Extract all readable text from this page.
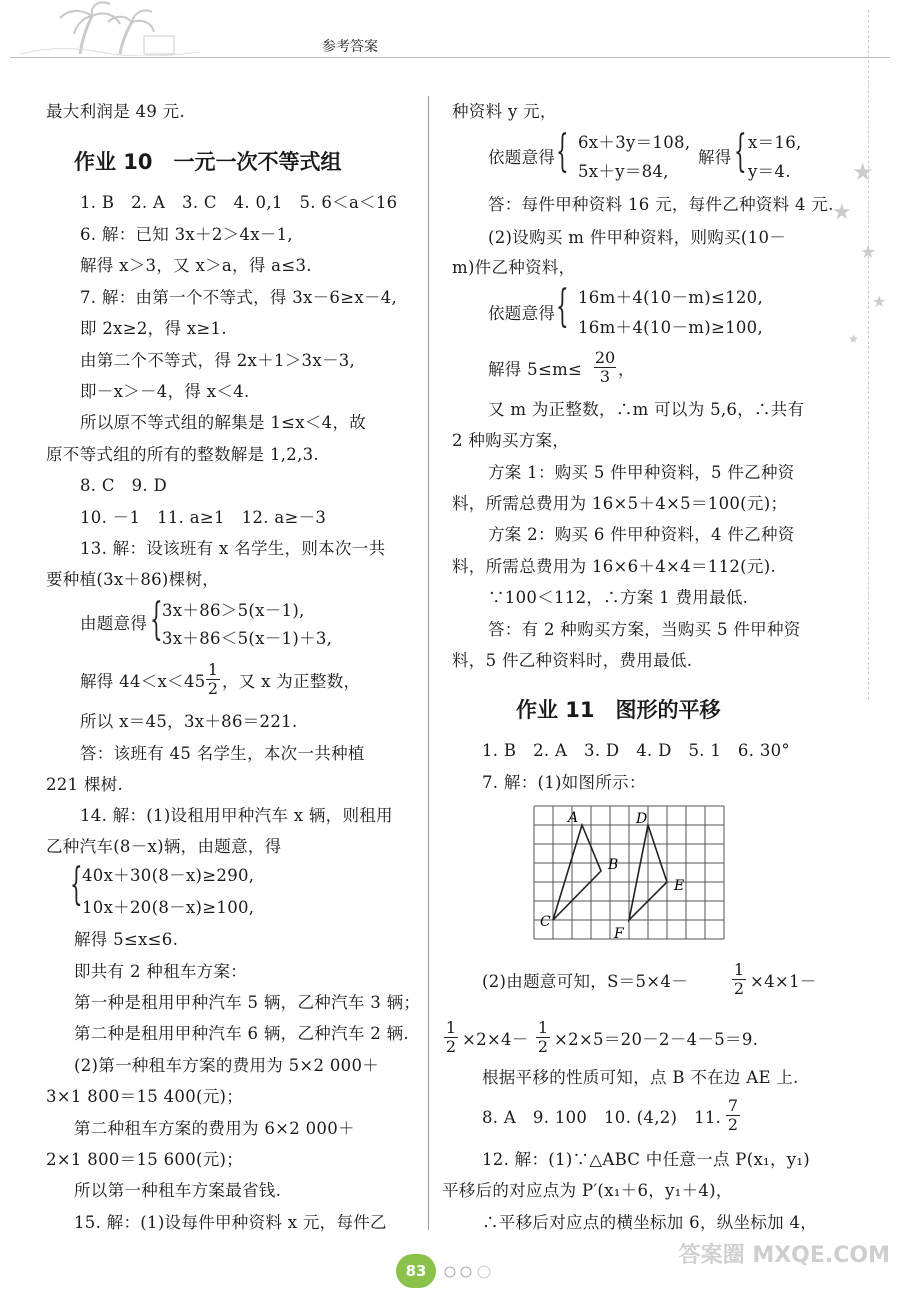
参考答案
★
★
★
★
★
最大利润是 49 元.
作业 10　一元一次不等式组
1. B　2. A　3. C　4. 0,1　5. 6＜a＜16
6. 解：已知 3x＋2＞4x－1,
解得 x＞3，又 x＞a，得 a≤3.
7. 解：由第一个不等式，得 3x－6≥x－4,
即 2x≥2，得 x≥1.
由第二个不等式，得 2x＋1＞3x－3,
即－x＞－4，得 x＜4.
所以原不等式组的解集是 1≤x＜4，故
原不等式组的所有的整数解是 1,2,3.
8. C　9. D
10. －1　11. a≥1　12. a≥－3
13. 解：设该班有 x 名学生，则本次一共
要种植(3x＋86)棵树，
由题意得 { 3x＋86＞5(x－1),
3x＋86＜5(x－1)＋3,
解得 $44<x<45 \frac{1}{2}$ ，又 x 为正整数，
所以 x＝45，3x＋86＝221.
答：该班有 45 名学生，本次一共种植
221 棵树.
14. 解：(1)设租用甲种汽车 x 辆，则租用
乙种汽车(8－x)辆，由题意，得
{ 40x＋30(8－x)≥290,
10x＋20(8－x)≥100,
解得 5≤x≤6.
即共有 2 种租车方案：
第一种是租用甲种汽车 5 辆，乙种汽车 3 辆；
第二种是租用甲种汽车 6 辆，乙种汽车 2 辆.
(2)第一种租车方案的费用为 5×2 000＋
3×1 800＝15 400(元)；
第二种租车方案的费用为 6×2 000＋
2×1 800＝15 600(元)；
所以第一种租车方案最省钱.
15. 解：(1)设每件甲种资料 x 元，每件乙
种资料 y 元，
依题意得 { 6x＋3y＝108,
5x＋y＝84,
解得 { x＝16,
y＝4.
答：每件甲种资料 16 元，每件乙种资料 4 元.
(2)设购买 m 件甲种资料，则购买(10－
m)件乙种资料，
依题意得 { 16m＋4(10－m)≤120,
16m＋4(10－m)≥100,
解得 $5\le m\le \frac{20}{3}$ ，
又 m 为正整数，∴m 可以为 5,6，∴共有
2 种购买方案，
方案 1：购买 5 件甲种资料，5 件乙种资
料，所需总费用为 16×5＋4×5＝100(元)；
方案 2：购买 6 件甲种资料，4 件乙种资
料，所需总费用为 16×6＋4×4＝112(元).
∵100＜112，∴方案 1 费用最低.
答：有 2 种购买方案，当购买 5 件甲种资
料，5 件乙种资料时，费用最低.
作业 11　图形的平移
1. B　2. A　3. D　4. D　5. 1　6. 30°
7. 解：(1)如图所示：
A
B
C
D
E
F
(2)由题意可知，S＝5×4－	$\frac{1}{2} \times 4\times 1-$
$\frac{1}{2} \times 2\times 4- \frac{1}{2} \times 2\times 5=20-2-4-5=9$.
根据平移的性质可知，点 B 不在边 AE 上.
8. A　9. 100　10. (4,2)　11. $\frac{7}{2}$
12. 解：(1)∵△ABC 中任意一点 P(x₁，y₁)
平移后的对应点为 P′(x₁＋6，y₁＋4)，
∴平移后对应点的横坐标加 6，纵坐标加 4，
83
答案圈 MXQE.COM
